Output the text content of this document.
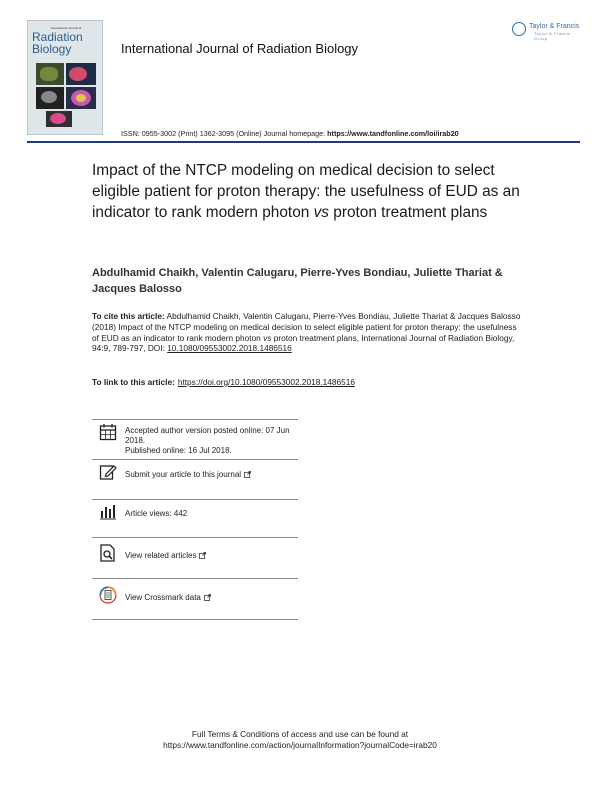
International Journal of
Radiation
Biology	International Journal of Radiation Biology
Taylor & Francis
Taylor & Francis Group
ISSN: 0955-3002 (Print) 1362-3095 (Online) Journal homepage: https://www.tandfonline.com/loi/irab20
Impact of the NTCP modeling on medical decision to select eligible patient for proton therapy: the usefulness of EUD as an indicator to rank modern photon vs proton treatment plans
Abdulhamid Chaikh, Valentin Calugaru, Pierre-Yves Bondiau, Juliette Thariat & Jacques Balosso
To cite this article: Abdulhamid Chaikh, Valentin Calugaru, Pierre-Yves Bondiau, Juliette Thariat & Jacques Balosso (2018) Impact of the NTCP modeling on medical decision to select eligible patient for proton therapy: the usefulness of EUD as an indicator to rank modern photon vs proton treatment plans, International Journal of Radiation Biology, 94:9, 789-797, DOI: 10.1080/09553002.2018.1486516
To link to this article: https://doi.org/10.1080/09553002.2018.1486516
Accepted author version posted online: 07 Jun 2018.
Published online: 16 Jul 2018.
Submit your article to this journal
Article views: 442
View related articles
View Crossmark data
Full Terms & Conditions of access and use can be found at
https://www.tandfonline.com/action/journalInformation?journalCode=irab20
